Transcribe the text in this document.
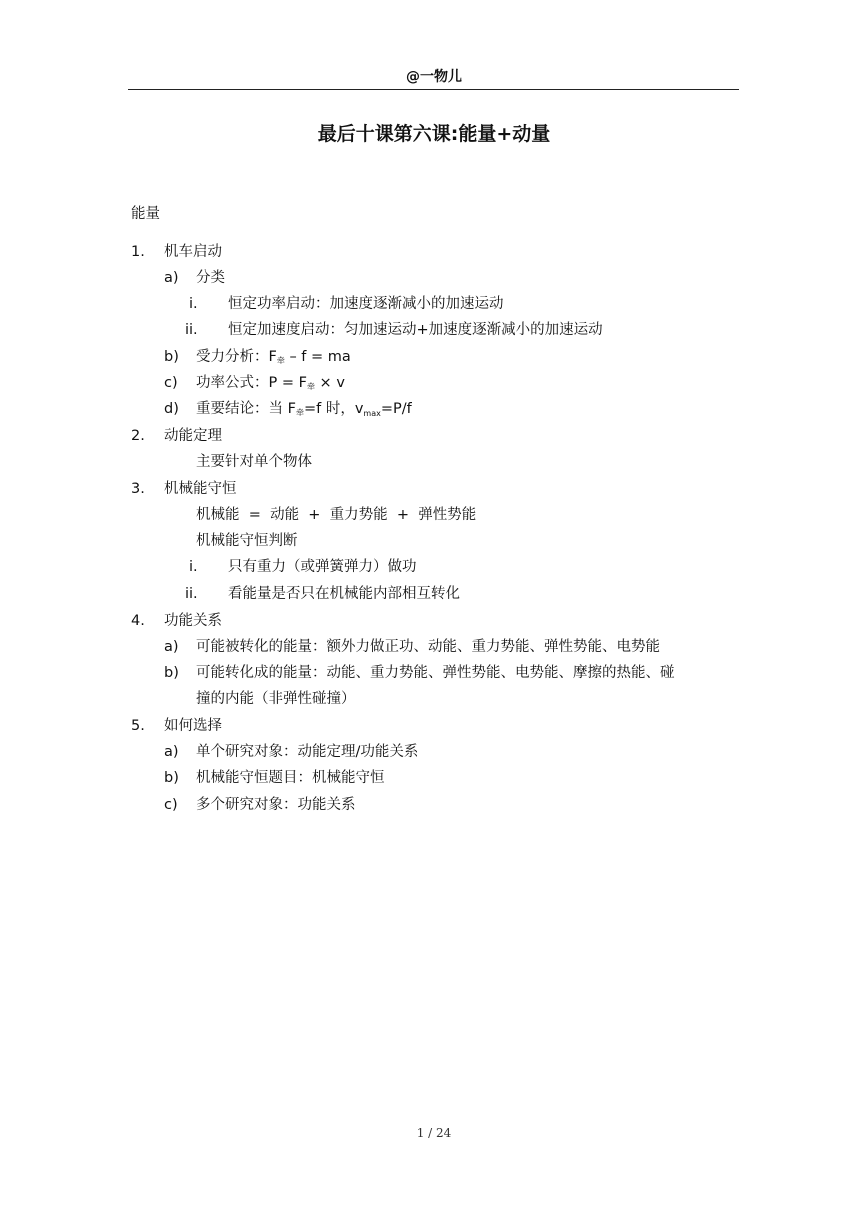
@一物儿
最后十课第六课:能量+动量
能量
1. 机车启动
a) 分类
i. 恒定功率启动：加速度逐渐减小的加速运动
ii. 恒定加速度启动：匀加速运动+加速度逐渐减小的加速运动
b) 受力分析：$F_牵$ – f = ma
c) 功率公式：$P = F_牵 \times v$
d) 重要结论：当 $F_牵=f$ 时，$v_{max}=P/f$
2. 动能定理
主要针对单个物体
3. 机械能守恒
机械能  =  动能  +  重力势能  +  弹性势能
机械能守恒判断
i. 只有重力（或弹簧弹力）做功
ii. 看能量是否只在机械能内部相互转化
4. 功能关系
a) 可能被转化的能量：额外力做正功、动能、重力势能、弹性势能、电势能
b) 可能转化成的能量：动能、重力势能、弹性势能、电势能、摩擦的热能、碰
撞的内能（非弹性碰撞）
5. 如何选择
a) 单个研究对象：动能定理/功能关系
b) 机械能守恒题目：机械能守恒
c) 多个研究对象：功能关系
1 / 24
